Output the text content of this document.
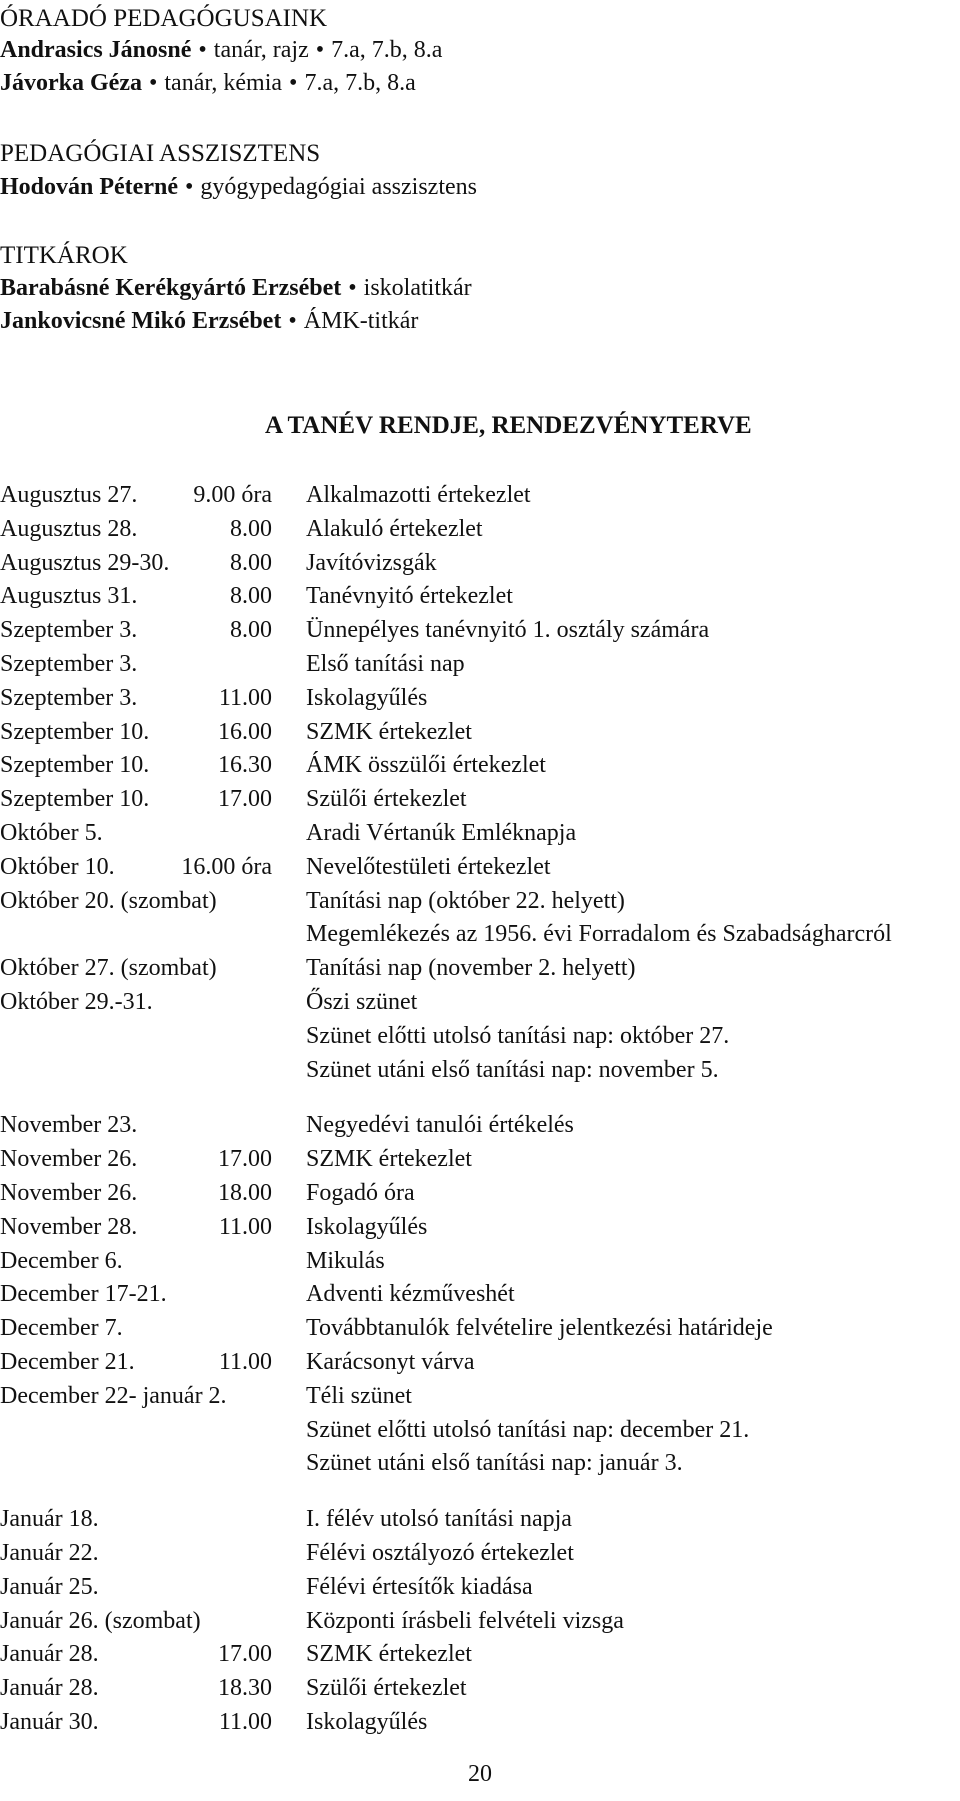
ÓRAADÓ PEDAGÓGUSAINK
Andrasics Jánosné • tanár, rajz • 7.a, 7.b, 8.a
Jávorka Géza • tanár, kémia • 7.a, 7.b, 8.a
PEDAGÓGIAI ASSZISZTENS
Hodován Péterné • gyógypedagógiai asszisztens
TITKÁROK
Barabásné Kerékgyártó Erzsébet • iskolatitkár
Jankovicsné Mikó Erzsébet • ÁMK-titkár
A TANÉV RENDJE, RENDEZVÉNYTERVE
Augusztus 27.	9.00 óra Alkalmazotti értekezlet
Augusztus 28.	8.00 Alakuló értekezlet
Augusztus 29-30.	8.00 Javítóvizsgák
Augusztus 31.	8.00 Tanévnyitó értekezlet
Szeptember 3.	8.00 Ünnepélyes tanévnyitó 1. osztály számára
Szeptember 3.	Első tanítási nap
Szeptember 3.	11.00 Iskolagyűlés
Szeptember 10.	16.00 SZMK értekezlet
Szeptember 10.	16.30 ÁMK összülői értekezlet
Szeptember 10.	17.00 Szülői értekezlet
Október 5.	Aradi Vértanúk Emléknapja
Október 10.	16.00 óra Nevelőtestületi értekezlet
Október 20. (szombat)	Tanítási nap (október 22. helyett)
Megemlékezés az 1956. évi Forradalom és Szabadságharcról
Október 27. (szombat)	Tanítási nap (november 2. helyett)
Október 29.-31.	Őszi szünet
Szünet előtti utolsó tanítási nap: október 27.
Szünet utáni első tanítási nap: november 5.
November 23.	Negyedévi tanulói értékelés
November 26.	17.00 SZMK értekezlet
November 26.	18.00 Fogadó óra
November 28.	11.00 Iskolagyűlés
December 6.	Mikulás
December 17-21.	Adventi kézműveshét
December 7.	Továbbtanulók felvételire jelentkezési határideje
December 21.	11.00 Karácsonyt várva
December 22- január 2.	Téli szünet
Szünet előtti utolsó tanítási nap: december 21.
Szünet utáni első tanítási nap: január 3.
Január 18.	I. félév utolsó tanítási napja
Január 22.	Félévi osztályozó értekezlet
Január 25.	Félévi értesítők kiadása
Január 26. (szombat)	Központi írásbeli felvételi vizsga
Január 28.	17.00 SZMK értekezlet
Január 28.	18.30 Szülői értekezlet
Január 30.	11.00 Iskolagyűlés
20
